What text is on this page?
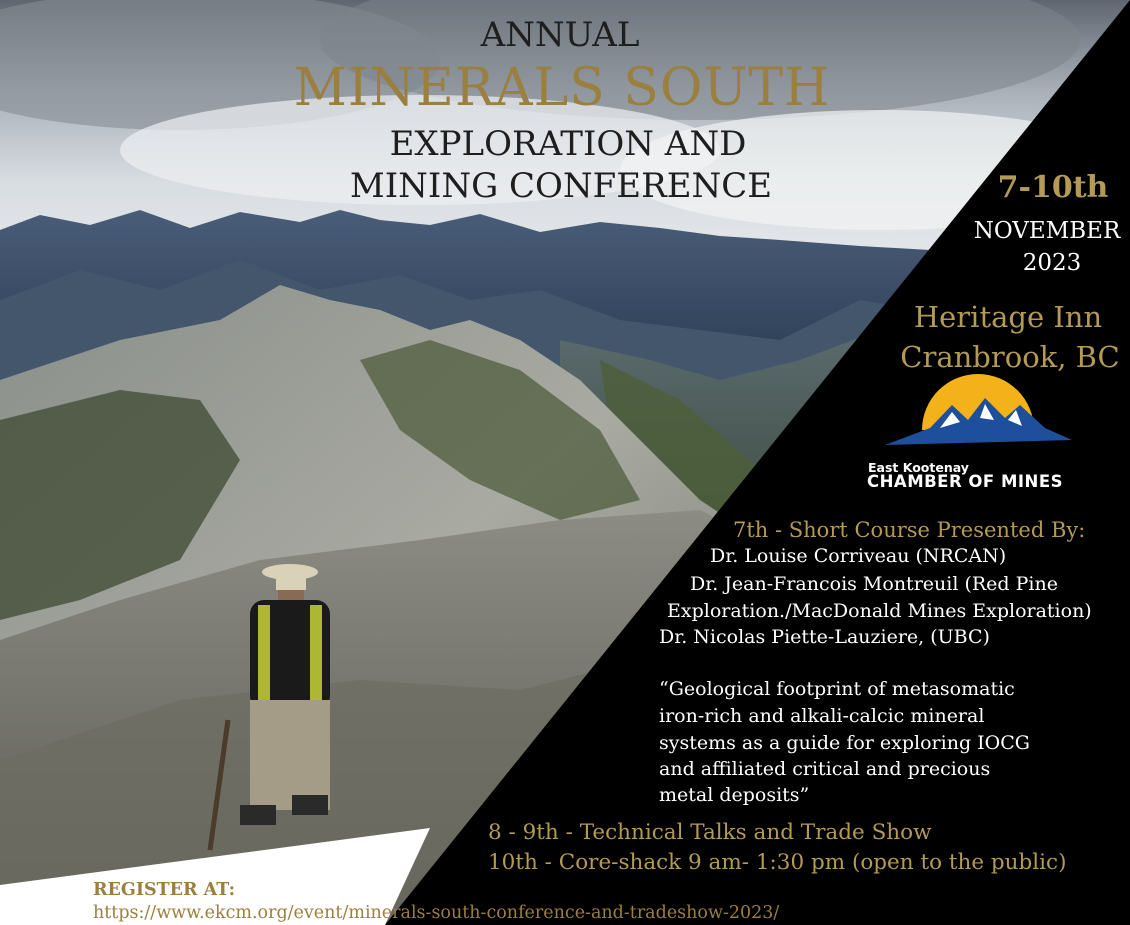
ANNUAL
MINERALS SOUTH
EXPLORATION AND
MINING CONFERENCE	7-10th
NOVEMBER
2023
Heritage Inn
Cranbrook, BC
East Kootenay
CHAMBER OF MINES
7th - Short Course Presented By:
Dr. Louise Corriveau (NRCAN)
Dr. Jean-Francois Montreuil (Red Pine
Exploration./MacDonald Mines Exploration)
Dr. Nicolas Piette-Lauziere, (UBC)
“Geological footprint of metasomatic
iron-rich and alkali-calcic mineral
systems as a guide for exploring IOCG
and affiliated critical and precious
metal deposits”
8 - 9th - Technical Talks and Trade Show
10th - Core-shack 9 am- 1:30 pm (open to the public)
REGISTER AT:
https://www.ekcm.org/event/minerals-south-conference-and-tradeshow-2023/
